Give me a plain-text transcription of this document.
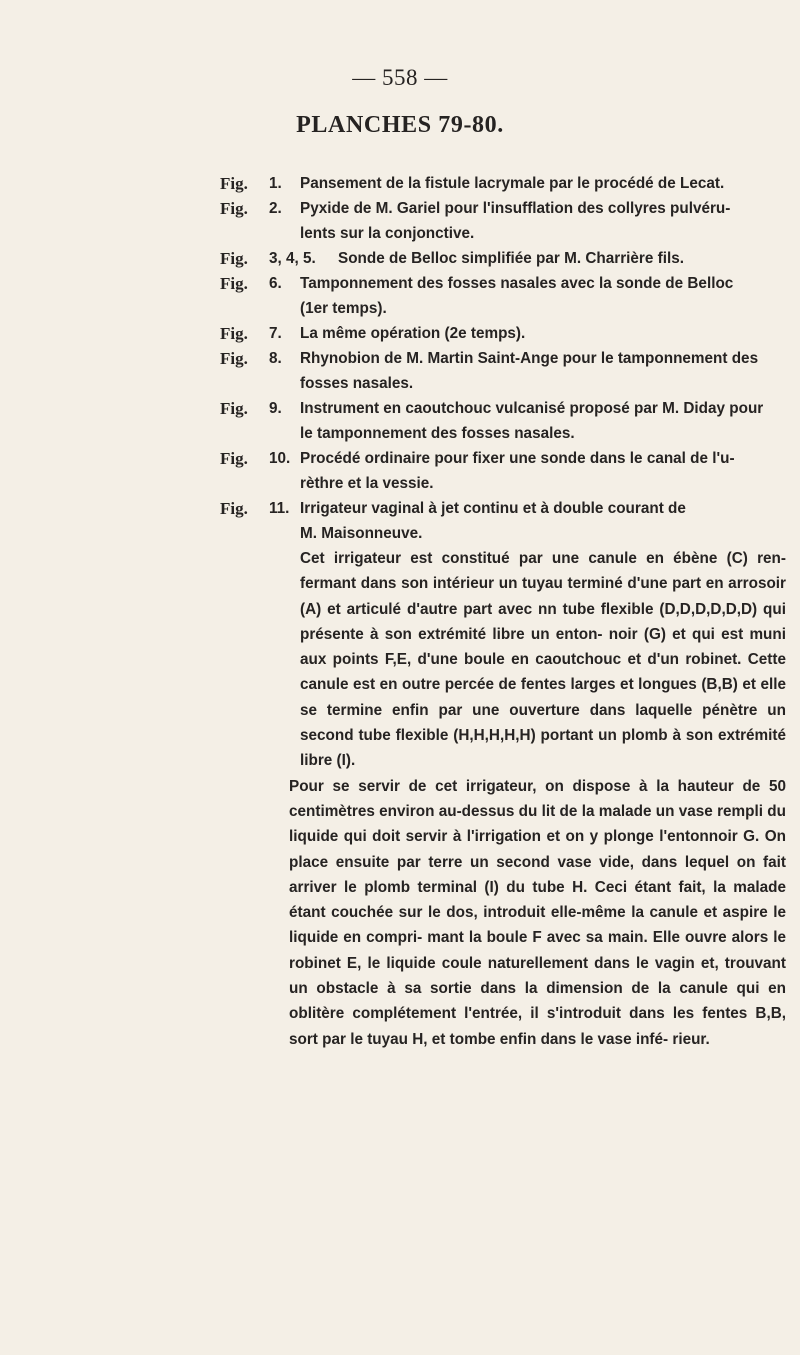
— 558 —
PLANCHES 79-80.
Fig. 1. Pansement de la fistule lacrymale par le procédé de Lecat.

Fig. 2. Pyxide de M. Gariel pour l'insufflation des collyres pulvéru-

lents sur la conjonctive.

Fig. 3, 4, 5. Sonde de Belloc simplifiée par M. Charrière fils.

Fig. 6. Tamponnement des fosses nasales avec la sonde de Belloc

(1er temps).

Fig. 7. La même opération (2e temps).

Fig. 8. Rhynobion de M. Martin Saint-Ange pour le tamponnement des

fosses nasales.

Fig. 9. Instrument en caoutchouc vulcanisé proposé par M. Diday pour

le tamponnement des fosses nasales.

Fig. 10. Procédé ordinaire pour fixer une sonde dans le canal de l'u-

rèthre et la vessie.

Fig. 11. Irrigateur vaginal à jet continu et à double courant de

M. Maisonneuve.

Cet irrigateur est constitué par une canule en ébène (C) ren- fermant dans son intérieur un tuyau terminé d'une part en arrosoir (A) et articulé d'autre part avec nn tube flexible (D,D,D,D,D,D) qui présente à son extrémité libre un enton- noir (G) et qui est muni aux points F,E, d'une boule en caoutchouc et d'un robinet. Cette canule est en outre percée de fentes larges et longues (B,B) et elle se termine enfin par une ouverture dans laquelle pénètre un second tube flexible (H,H,H,H,H) portant un plomb à son extrémité libre (I).

Pour se servir de cet irrigateur, on dispose à la hauteur de 50 centimètres environ au-dessus du lit de la malade un vase rempli du liquide qui doit servir à l'irrigation et on y plonge l'entonnoir G. On place ensuite par terre un second vase vide, dans lequel on fait arriver le plomb terminal (I) du tube H. Ceci étant fait, la malade étant couchée sur le dos, introduit elle-même la canule et aspire le liquide en compri- mant la boule F avec sa main. Elle ouvre alors le robinet E, le liquide coule naturellement dans le vagin et, trouvant un obstacle à sa sortie dans la dimension de la canule qui en oblitère complétement l'entrée, il s'introduit dans les fentes B,B, sort par le tuyau H, et tombe enfin dans le vase infé- rieur.
